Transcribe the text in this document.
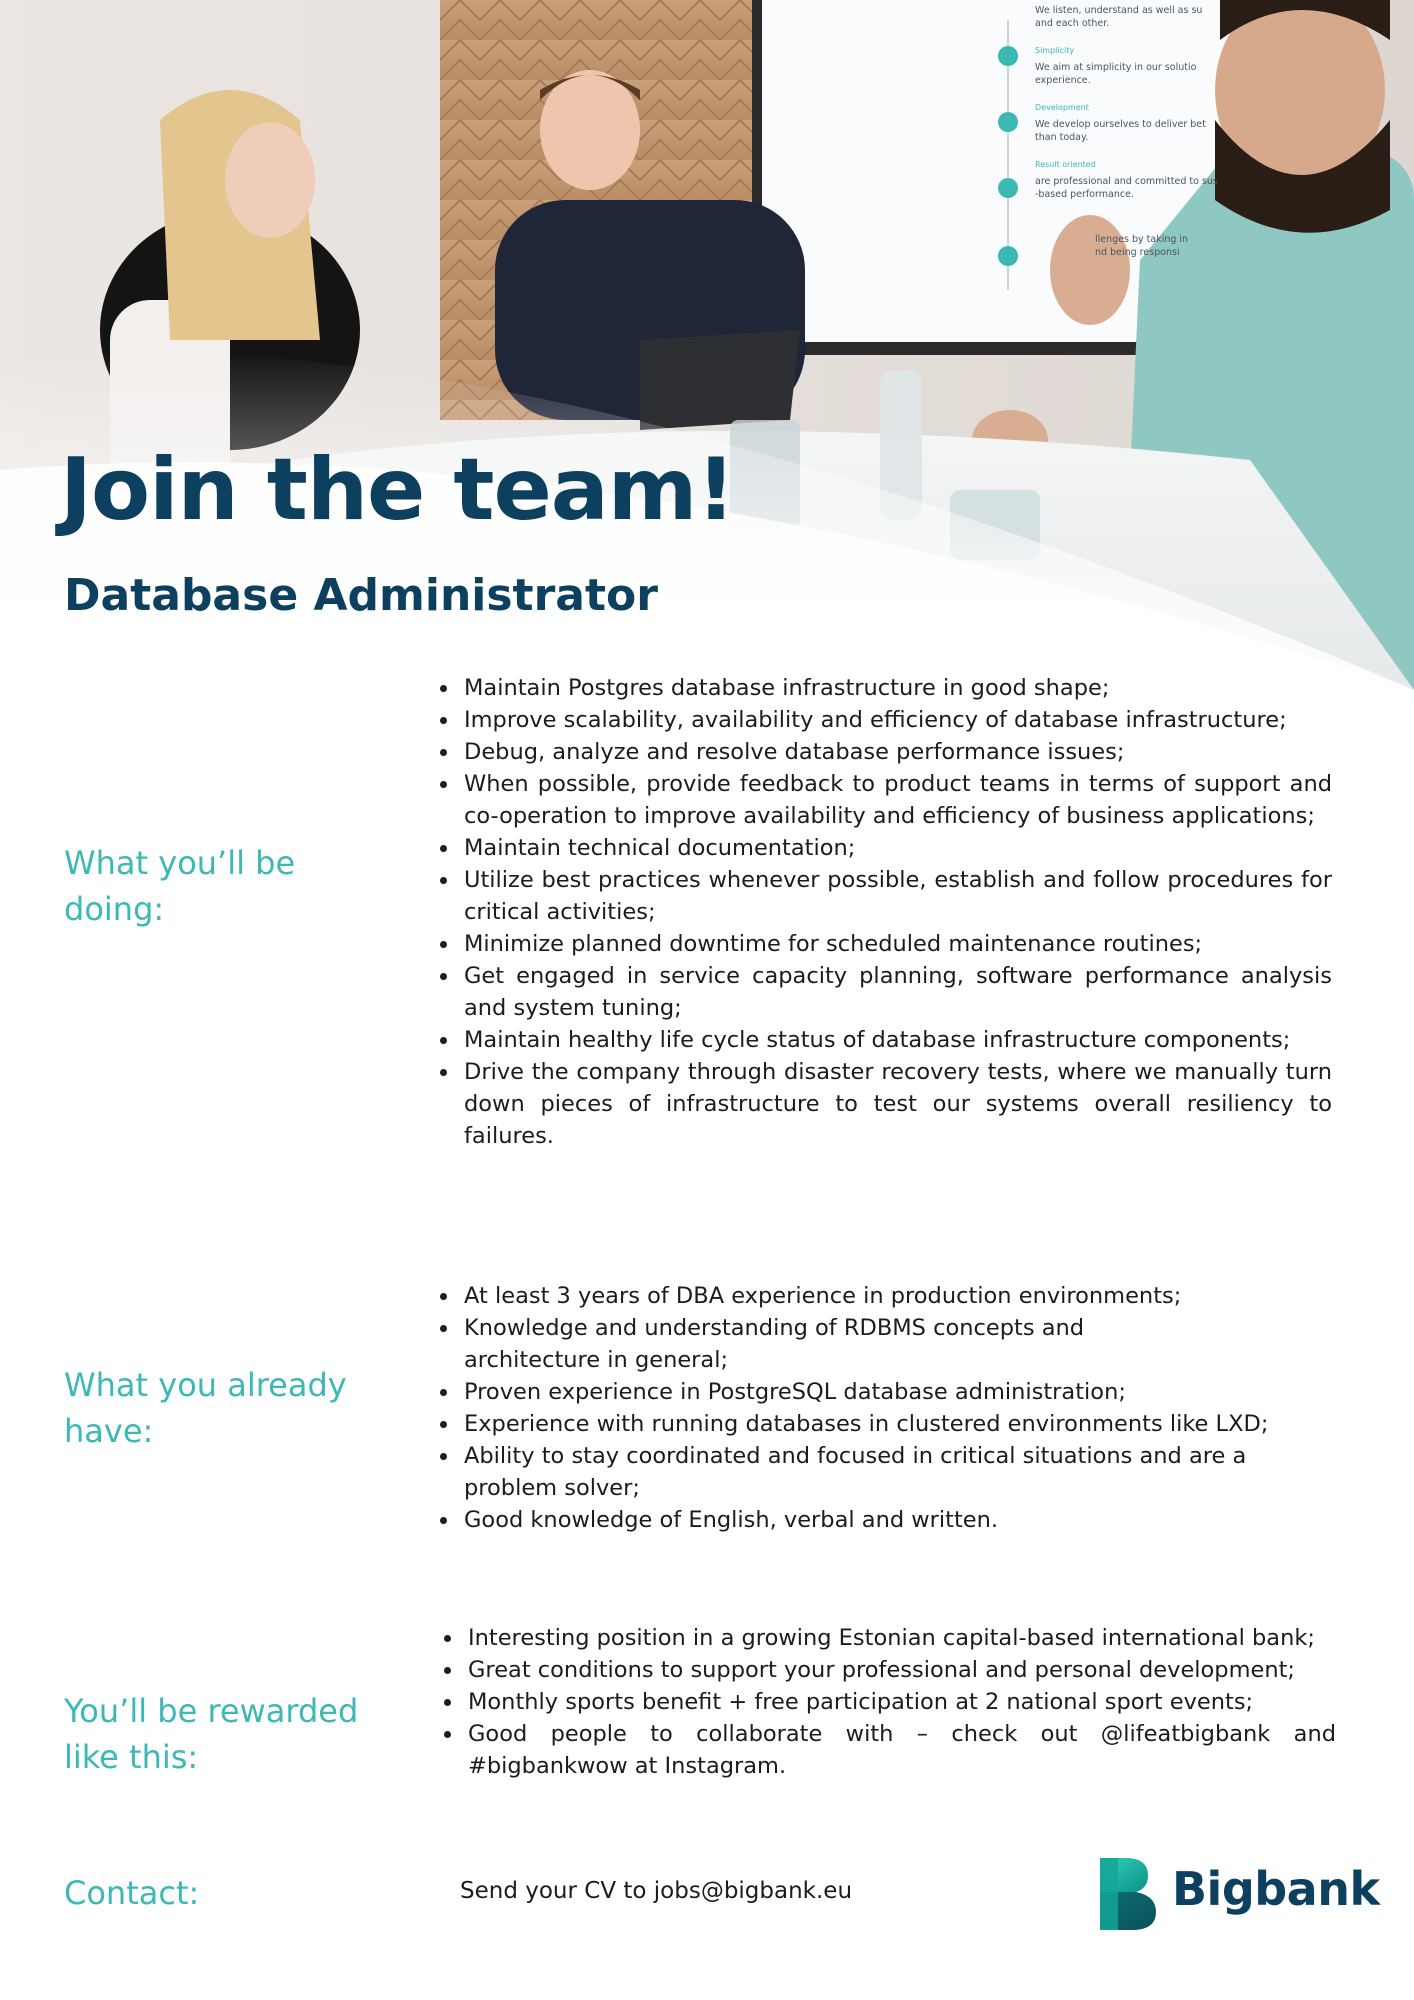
We listen, understand as well as su
and each other.
Simplicity
We aim at simplicity in our solutio
experience.
Development
We develop ourselves to deliver bet
than today.
Result oriented
are professional and committed to sus
-based performance.
llenges by taking in
nd being responsi
Join the team!
Database Administrator
What you’ll be doing:
Maintain Postgres database infrastructure in good shape;
Improve scalability, availability and efficiency of database infrastructure;
Debug, analyze and resolve database performance issues;
When possible, provide feedback to product teams in terms of support and co-operation to improve availability and efficiency of business applications;
Maintain technical documentation;
Utilize best practices whenever possible, establish and follow procedures for critical activities;
Minimize planned downtime for scheduled maintenance routines;
Get engaged in service capacity planning, software performance analysis and system tuning;
Maintain healthy life cycle status of database infrastructure components;
Drive the company through disaster recovery tests, where we manually turn down pieces of infrastructure to test our systems overall resiliency to failures.
What you already have:
At least 3 years of DBA experience in production environments;
Knowledge and understanding of RDBMS concepts and architecture in general;
Proven experience in PostgreSQL database administration;
Experience with running databases in clustered environments like LXD;
Ability to stay coordinated and focused in critical situations and are a problem solver;
Good knowledge of English, verbal and written.
You’ll be rewarded like this:
Interesting position in a growing Estonian capital-based international bank;
Great conditions to support your professional and personal development;
Monthly sports benefit + free participation at 2 national sport events;
Good people to collaborate with – check out @lifeatbigbank and #bigbankwow at Instagram.
Contact:	Send your CV to jobs@bigbank.eu	Bigbank
